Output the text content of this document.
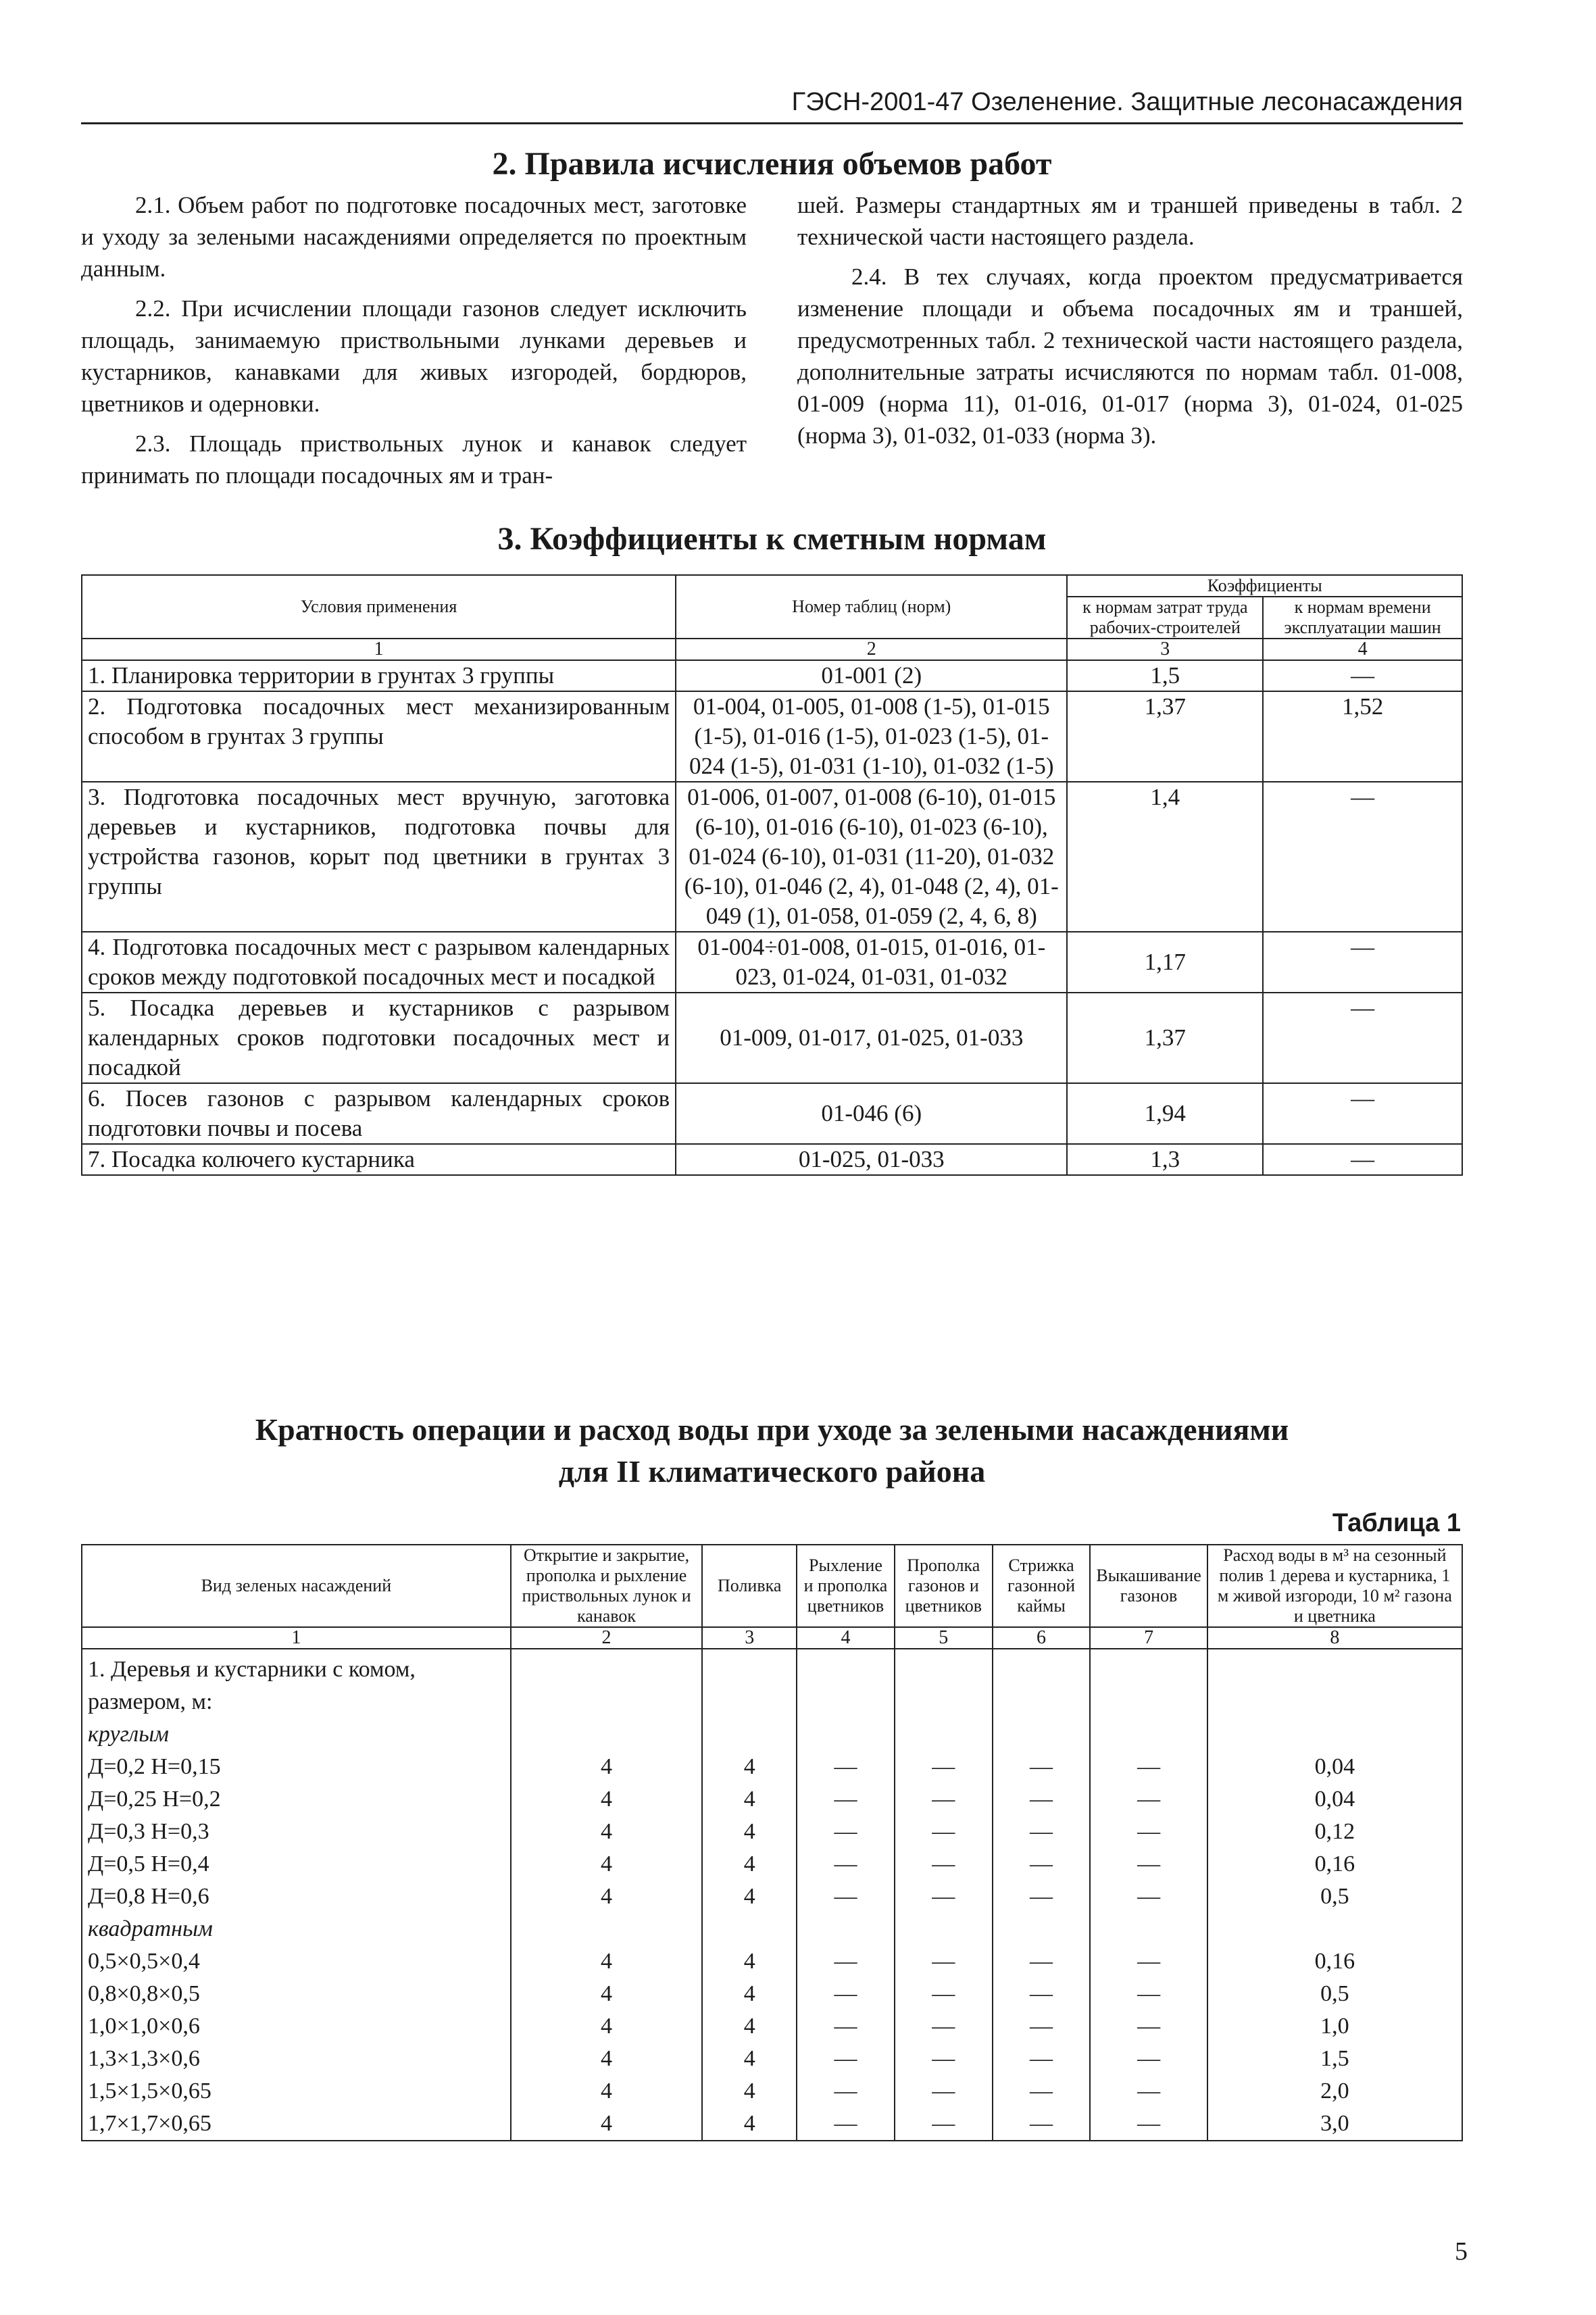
ГЭСН-2001-47 Озеленение. Защитные лесонасаждения
2. Правила исчисления объемов работ

2.1. Объем работ по подготовке посадочных мест, заготовке и уходу за зелеными насаждениями определяется по проектным данным.

2.2. При исчислении площади газонов следует исключить площадь, занимаемую приствольными лунками деревьев и кустарников, канавками для живых изгородей, бордюров, цветников и одерновки.

2.3. Площадь приствольных лунок и канавок следует принимать по площади посадочных ям и тран-

шей. Размеры стандартных ям и траншей приведены в табл. 2 технической части настоящего раздела.

2.4. В тех случаях, когда проектом предусматривается изменение площади и объема посадочных ям и траншей, предусмотренных табл. 2 технической части настоящего раздела, дополнительные затраты исчисляются по нормам табл. 01-008, 01-009 (норма 11), 01-016, 01-017 (норма 3), 01-024, 01-025 (норма 3), 01-032, 01-033 (норма 3).

3. Коэффициенты к сметным нормам
Условия применения	Номер таблиц (норм)	Коэффициенты	
		к нормам затрат труда рабочих-строителей	к нормам времени эксплуатации машин
1	2	3	4
1. Планировка территории в грунтах 3 группы	01-001 (2)	1,5	—
2. Подготовка посадочных мест механизированным способом в грунтах 3 группы	01-004, 01-005, 01-008 (1-5), 01-015 (1-5), 01-016 (1-5), 01-023 (1-5), 01-024 (1-5), 01-031 (1-10), 01-032 (1-5)	1,37	1,52
3. Подготовка посадочных мест вручную, заготовка деревьев и кустарников, подготовка почвы для устройства газонов, корыт под цветники в грунтах 3 группы	01-006, 01-007, 01-008 (6-10), 01-015 (6-10), 01-016 (6-10), 01-023 (6-10), 01-024 (6-10), 01-031 (11-20), 01-032 (6-10), 01-046 (2, 4), 01-048 (2, 4), 01-049 (1), 01-058, 01-059 (2, 4, 6, 8)	1,4	—
4. Подготовка посадочных мест с разрывом календарных сроков между подготовкой посадочных мест и посадкой	01-004÷01-008, 01-015, 01-016, 01-023, 01-024, 01-031, 01-032	1,17	—
5. Посадка деревьев и кустарников с разрывом календарных сроков подготовки посадочных мест и посадкой	01-009, 01-017, 01-025, 01-033	1,37	—
6. Посев газонов с разрывом календарных сроков подготовки почвы и посева	01-046 (6)	1,94	—
7. Посадка колючего кустарника	01-025, 01-033	1,3	—
Кратность операции и расход воды при уходе за зелеными насаждениями
для II климатического района
Таблица 1
Вид зеленых насаждений	Открытие и закрытие, прополка и рыхление приствольных лунок и канавок	Поливка	Рыхление и прополка цветников	Прополка газонов и цветников	Стрижка газонной каймы	Выкашивание газонов	Расход воды в м³ на сезонный полив 1 дерева и кустарника, 1 м живой изгороди, 10 м² газона и цветника
1	2	3	4	5	6	7	8
1. Деревья и кустарники с комом, размером, м:							
круглым							
Д=0,2 Н=0,15	4	4	—	—	—	—	0,04
Д=0,25 Н=0,2	4	4	—	—	—	—	0,04
Д=0,3 Н=0,3	4	4	—	—	—	—	0,12
Д=0,5 Н=0,4	4	4	—	—	—	—	0,16
Д=0,8 Н=0,6	4	4	—	—	—	—	0,5
квадратным							
0,5×0,5×0,4	4	4	—	—	—	—	0,16
0,8×0,8×0,5	4	4	—	—	—	—	0,5
1,0×1,0×0,6	4	4	—	—	—	—	1,0
1,3×1,3×0,6	4	4	—	—	—	—	1,5
1,5×1,5×0,65	4	4	—	—	—	—	2,0
1,7×1,7×0,65	4	4	—	—	—	—	3,0
5
